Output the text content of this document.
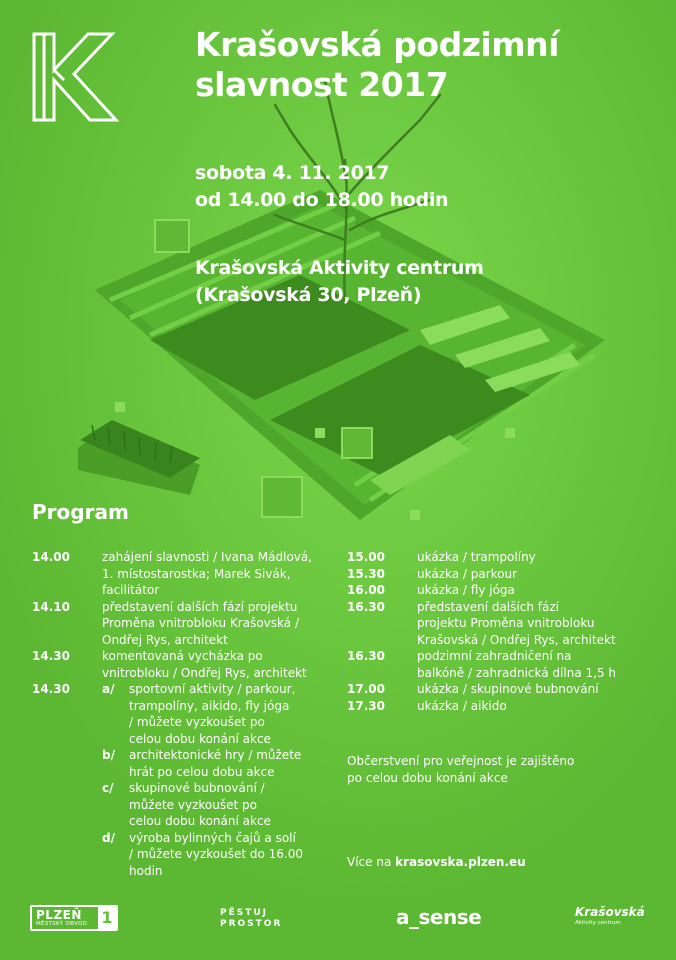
Krašovská podzimní
slavnost 2017
sobota 4. 11. 2017
od 14.00 do 18.00 hodin
Krašovská Aktivity centrum
(Krašovská 30, Plzeň)
Program
14.00	zahájení slavnosti / Ivana Mádlová,
1. místostarostka; Marek Sivák,
facilitátor
14.10	představení dalších fází projektu
Proměna vnitrobloku Krašovská /
Ondřej Rys, architekt
14.30	komentovaná vycházka po
vnitrobloku / Ondřej Rys, architekt
14.30	a/	sportovní aktivity / parkour,
trampolíny, aikido, fly jóga
/ můžete vyzkoušet po
celou dobu konání akce
b/	architektonické hry / můžete
hrát po celou dobu akce
c/	skupinové bubnování /
můžete vyzkoušet po
celou dobu konání akce
d/	výroba bylinných čajů a solí
/ můžete vyzkoušet do 16.00
hodin
15.00	ukázka / trampolíny
15.30	ukázka / parkour
16.00	ukázka / fly jóga
16.30	představení dalších fází
projektu Proměna vnitrobloku
Krašovská / Ondřej Rys, architekt
16.30	podzimní zahradničení na
balkóně / zahradnická dílna 1,5 h
17.00	ukázka / skupinové bubnování
17.30	ukázka / aikido
Občerstvení pro veřejnost je zajištěno
po celou dobu konání akce
Více na krasovska.plzen.eu
PLZEŇ
MĚSTSKÝ OBVOD 1	PĚSTUJ
PROSTOR	a_sense	Krašovská
Aktivity centrum
